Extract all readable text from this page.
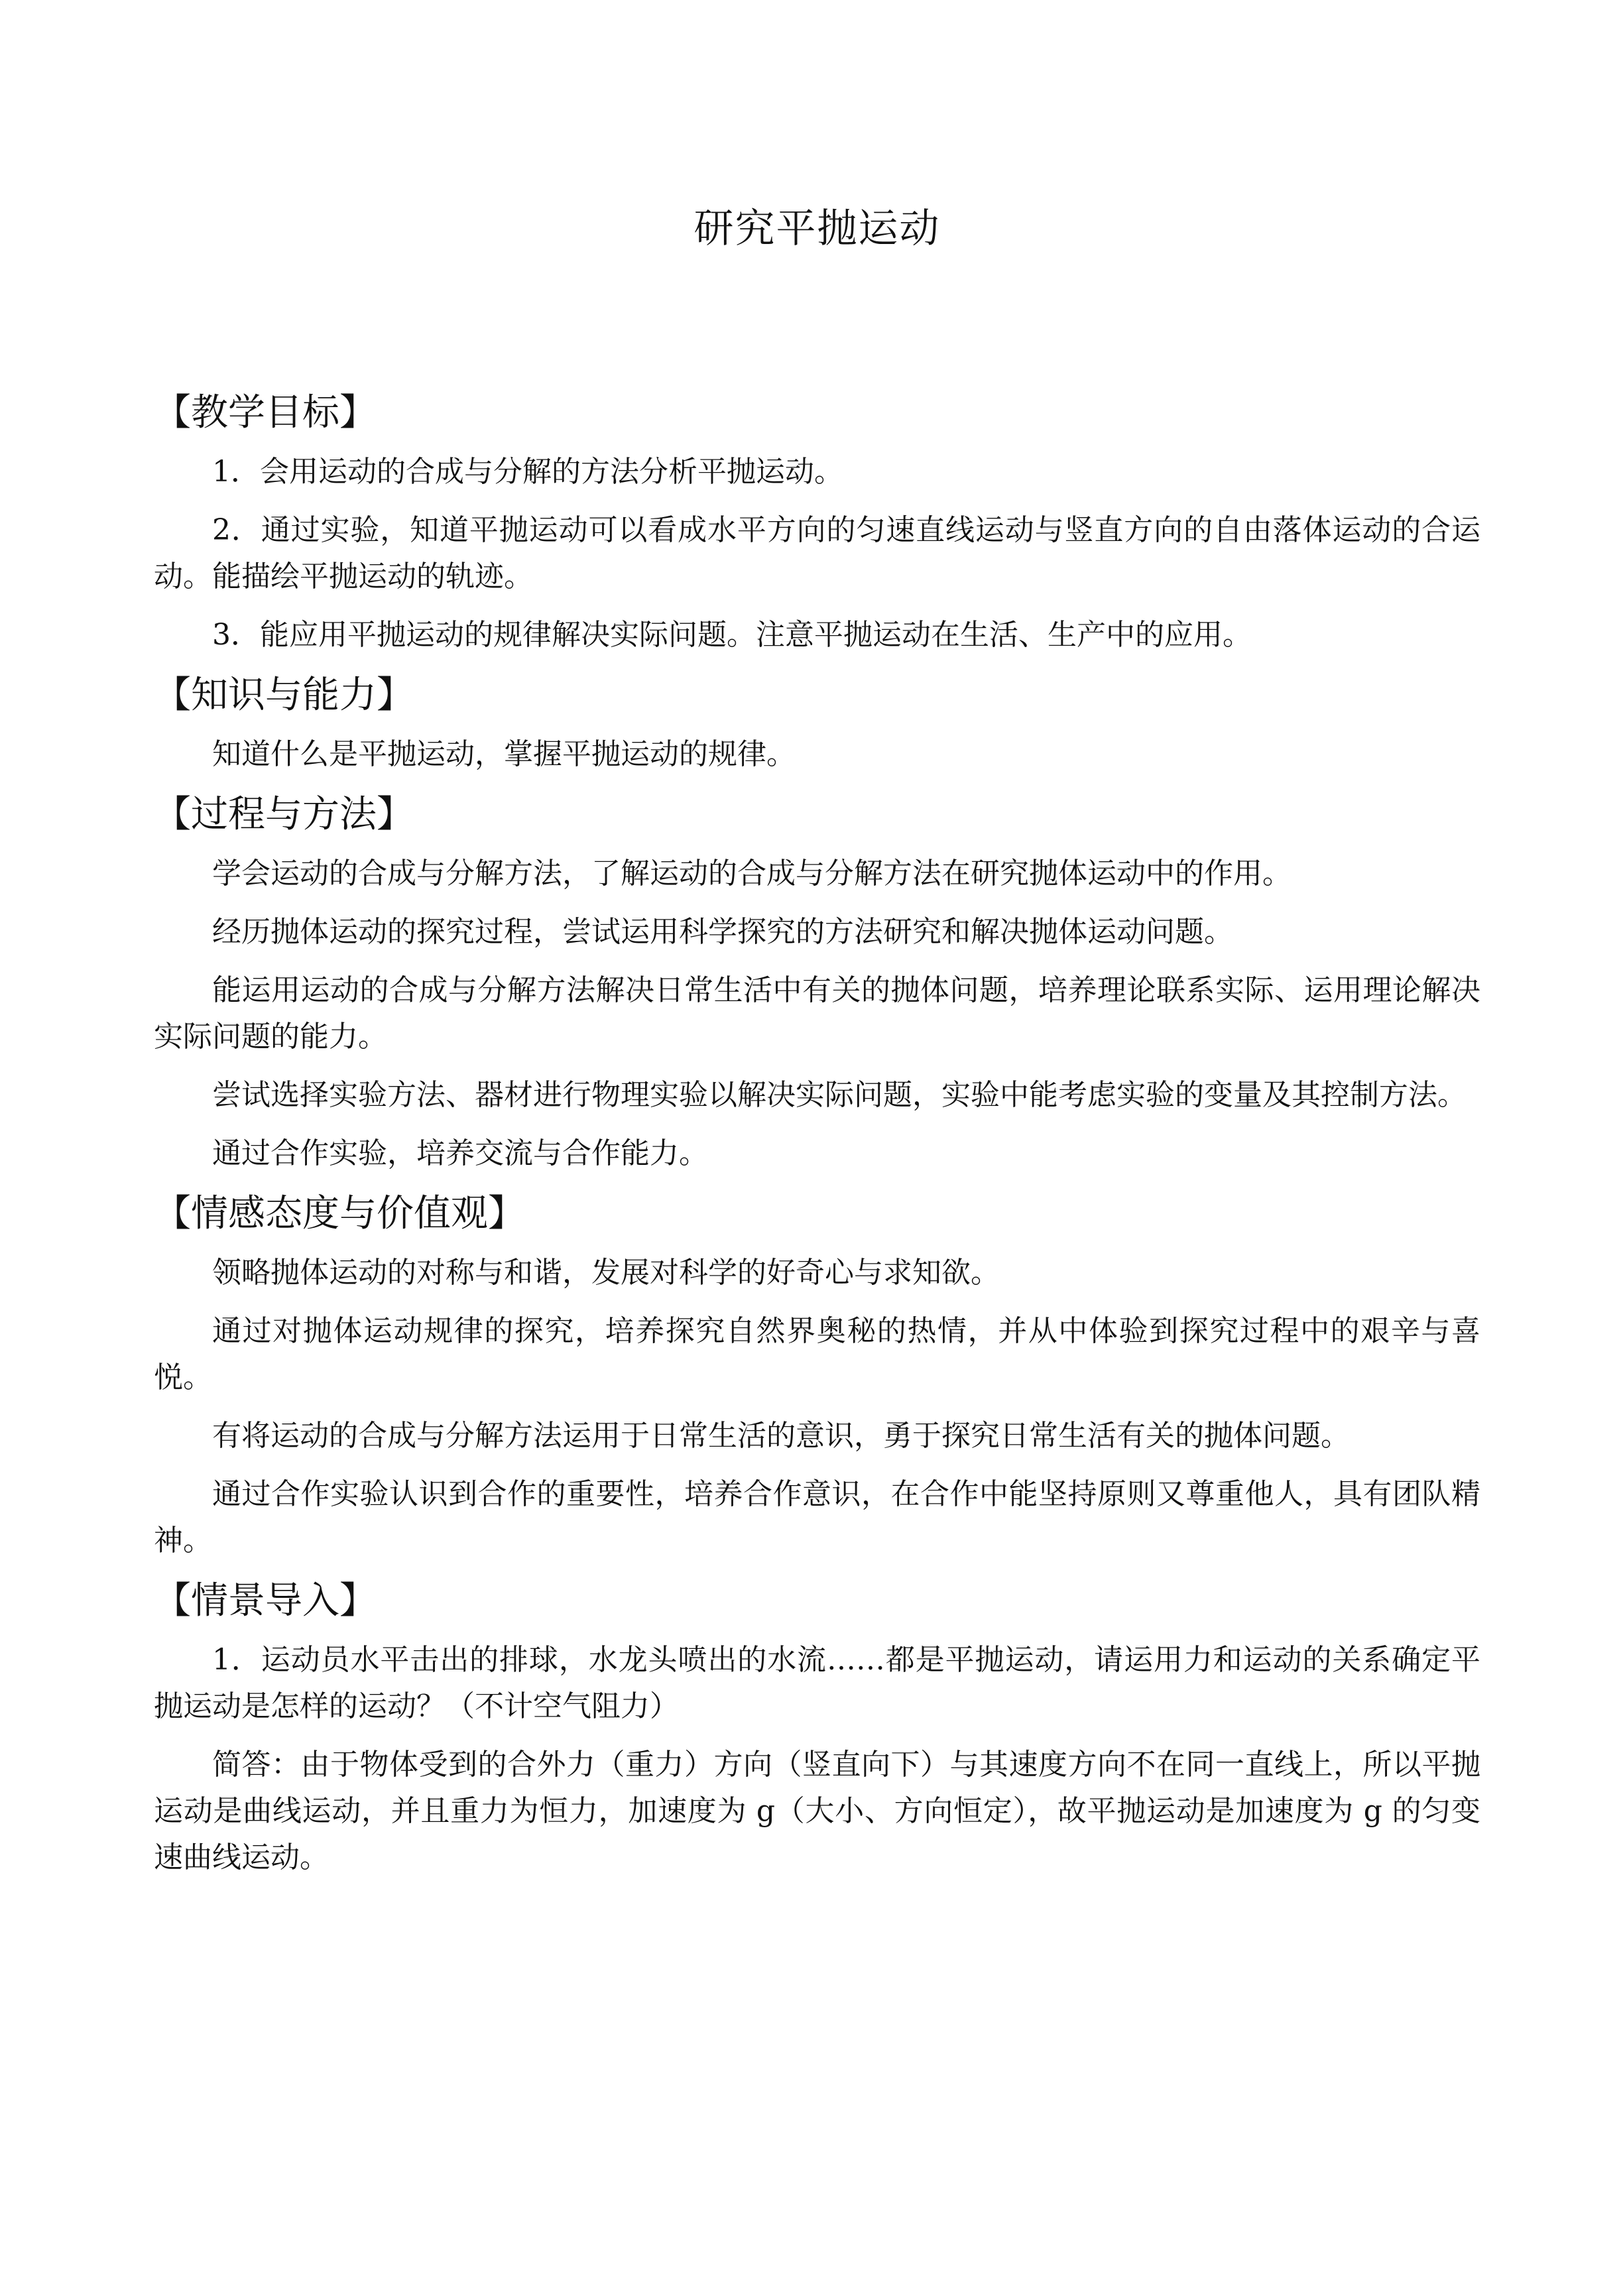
研究平抛运动
【教学目标】

1．会用运动的合成与分解的方法分析平抛运动。

2．通过实验，知道平抛运动可以看成水平方向的匀速直线运动与竖直方向的自由落体运动的合运动。能描绘平抛运动的轨迹。

3．能应用平抛运动的规律解决实际问题。注意平抛运动在生活、生产中的应用。

【知识与能力】

知道什么是平抛运动，掌握平抛运动的规律。

【过程与方法】

学会运动的合成与分解方法，了解运动的合成与分解方法在研究抛体运动中的作用。

经历抛体运动的探究过程，尝试运用科学探究的方法研究和解决抛体运动问题。

能运用运动的合成与分解方法解决日常生活中有关的抛体问题，培养理论联系实际、运用理论解决实际问题的能力。

尝试选择实验方法、器材进行物理实验以解决实际问题，实验中能考虑实验的变量及其控制方法。

通过合作实验，培养交流与合作能力。

【情感态度与价值观】

领略抛体运动的对称与和谐，发展对科学的好奇心与求知欲。

通过对抛体运动规律的探究，培养探究自然界奥秘的热情，并从中体验到探究过程中的艰辛与喜悦。

有将运动的合成与分解方法运用于日常生活的意识，勇于探究日常生活有关的抛体问题。

通过合作实验认识到合作的重要性，培养合作意识，在合作中能坚持原则又尊重他人，具有团队精神。

【情景导入】

1．运动员水平击出的排球，水龙头喷出的水流……都是平抛运动，请运用力和运动的关系确定平抛运动是怎样的运动？（不计空气阻力）

简答：由于物体受到的合外力（重力）方向（竖直向下）与其速度方向不在同一直线上，所以平抛运动是曲线运动，并且重力为恒力，加速度为 g（大小、方向恒定），故平抛运动是加速度为 g 的匀变速曲线运动。
